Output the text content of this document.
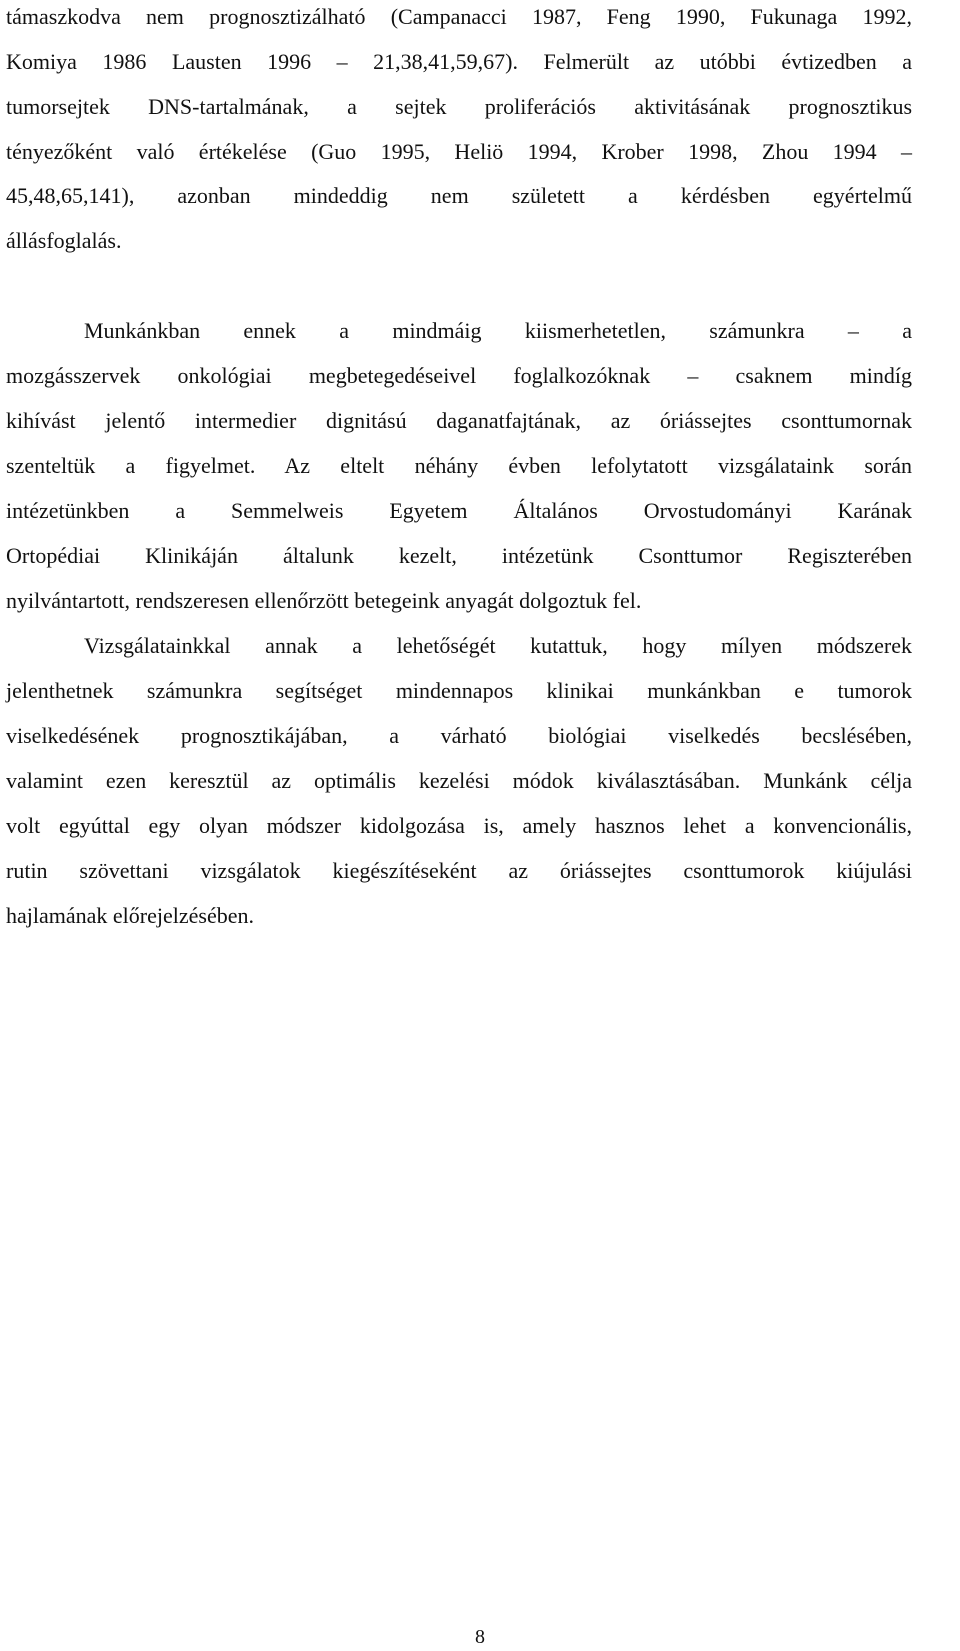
támaszkodva nem prognosztizálható (Campanacci 1987, Feng 1990, Fukunaga 1992,
Komiya 1986 Lausten 1996 – 21,38,41,59,67). Felmerült az utóbbi évtizedben a
tumorsejtek DNS-tartalmának, a sejtek proliferációs aktivitásának prognosztikus
tényezőként való értékelése (Guo 1995, Heliö 1994, Krober 1998, Zhou 1994 –
45,48,65,141), azonban mindeddig nem született a kérdésben egyértelmű
állásfoglalás.
Munkánkban ennek a mindmáig kiismerhetetlen, számunkra – a
mozgásszervek onkológiai megbetegedéseivel foglalkozóknak – csaknem mindíg
kihívást jelentő intermedier dignitású daganatfajtának, az óriássejtes csonttumornak
szenteltük a figyelmet. Az eltelt néhány évben lefolytatott vizsgálataink során
intézetünkben a Semmelweis Egyetem Általános Orvostudományi Karának
Ortopédiai Klinikáján általunk kezelt, intézetünk Csonttumor Regiszterében
nyilvántartott, rendszeresen ellenőrzött betegeink anyagát dolgoztuk fel.
Vizsgálatainkkal annak a lehetőségét kutattuk, hogy mílyen módszerek
jelenthetnek számunkra segítséget mindennapos klinikai munkánkban e tumorok
viselkedésének prognosztikájában, a várható biológiai viselkedés becslésében,
valamint ezen keresztül az optimális kezelési módok kiválasztásában. Munkánk célja
volt egyúttal egy olyan módszer kidolgozása is, amely hasznos lehet a konvencionális,
rutin szövettani vizsgálatok kiegészítéseként az óriássejtes csonttumorok kiújulási
hajlamának előrejelzésében.
8
